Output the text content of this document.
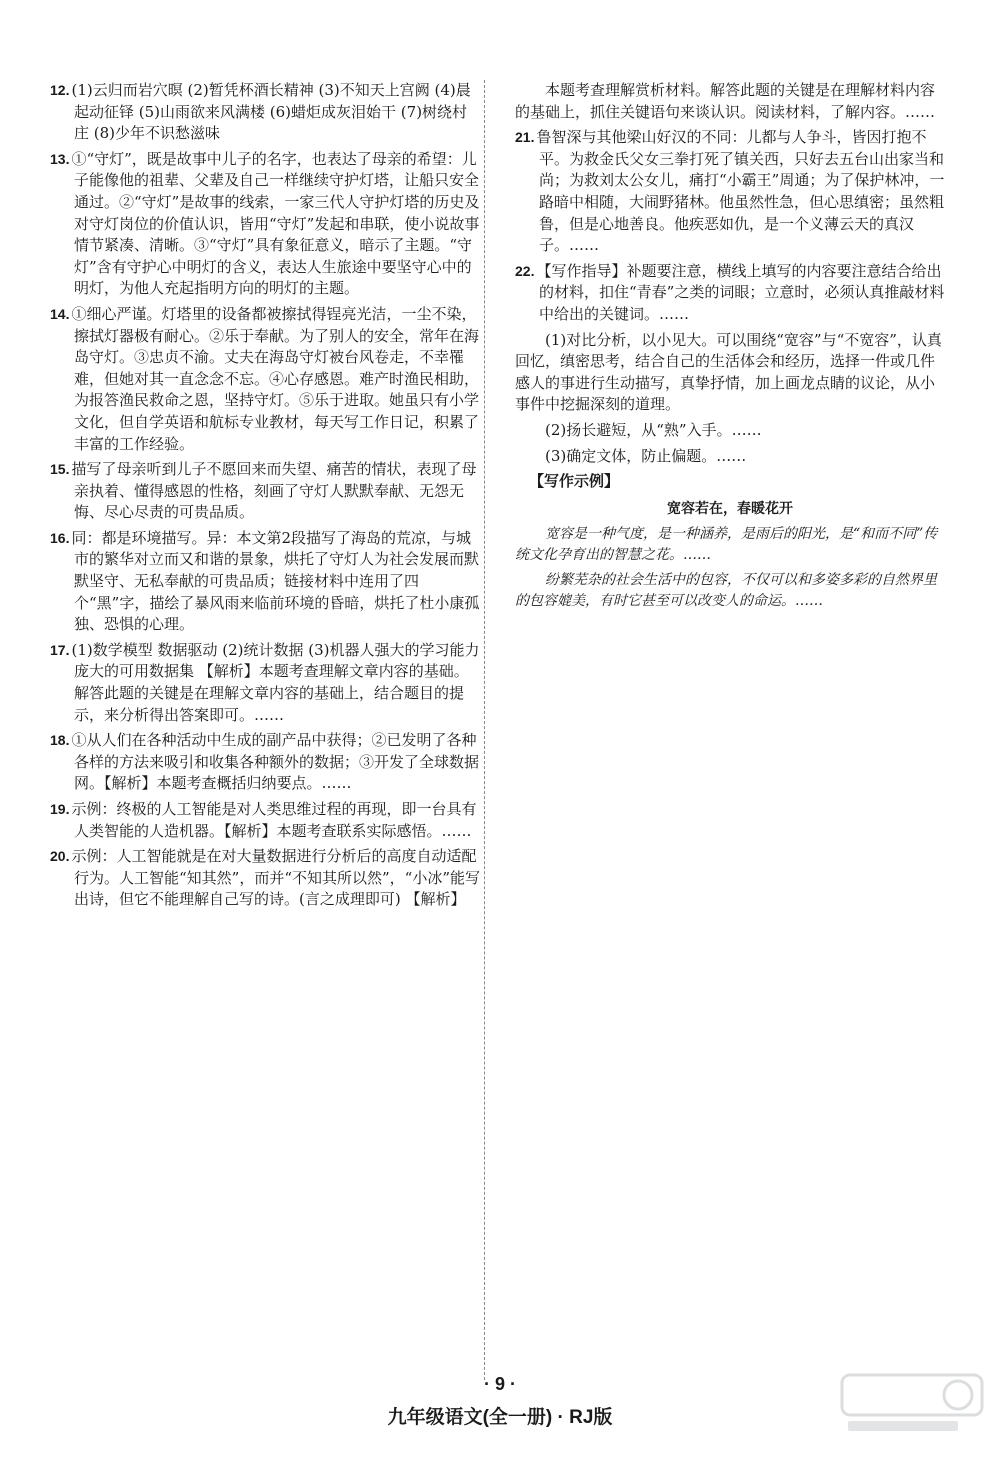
12. (1)云归而岩穴暝 (2)暂凭杯酒长精神 (3)不知天上宫阙 (4)晨起动征铎 (5)山雨欲来风满楼 (6)蜡炬成灰泪始干 (7)树绕村庄 (8)少年不识愁滋味

13. ①“守灯”，既是故事中儿子的名字，也表达了母亲的希望：儿子能像他的祖辈、父辈及自己一样继续守护灯塔，让船只安全通过。②“守灯”是故事的线索，一家三代人守护灯塔的历史及对守灯岗位的价值认识，皆用“守灯”发起和串联，使小说故事情节紧凑、清晰。③“守灯”具有象征意义，暗示了主题。“守灯”含有守护心中明灯的含义，表达人生旅途中要坚守心中的明灯，为他人充起指明方向的明灯的主题。

14. ①细心严谨。灯塔里的设备都被擦拭得锃亮光洁，一尘不染，擦拭灯器极有耐心。②乐于奉献。为了别人的安全，常年在海岛守灯。③忠贞不渝。丈夫在海岛守灯被台风卷走，不幸罹难，但她对其一直念念不忘。④心存感恩。难产时渔民相助，为报答渔民救命之恩，坚持守灯。⑤乐于进取。她虽只有小学文化，但自学英语和航标专业教材，每天写工作日记，积累了丰富的工作经验。

15. 描写了母亲听到儿子不愿回来而失望、痛苦的情状，表现了母亲执着、懂得感恩的性格，刻画了守灯人默默奉献、无怨无悔、尽心尽责的可贵品质。

16. 同：都是环境描写。异：本文第2段描写了海岛的荒凉，与城市的繁华对立而又和谐的景象，烘托了守灯人为社会发展而默默坚守、无私奉献的可贵品质；链接材料中连用了四个“黑”字，描绘了暴风雨来临前环境的昏暗，烘托了杜小康孤独、恐惧的心理。

17. (1)数学模型 数据驱动 (2)统计数据 (3)机器人强大的学习能力 庞大的可用数据集 【解析】本题考查理解文章内容的基础。解答此题的关键是在理解文章内容的基础上，结合题目的提示，来分析得出答案即可。……

18. ①从人们在各种活动中生成的副产品中获得；②已发明了各种各样的方法来吸引和收集各种额外的数据；③开发了全球数据网。【解析】本题考查概括归纳要点。……

19. 示例：终极的人工智能是对人类思维过程的再现，即一台具有人类智能的人造机器。【解析】本题考查联系实际感悟。……

20. 示例：人工智能就是在对大量数据进行分析后的高度自动适配行为。人工智能“知其然”，而并“不知其所以然”，“小冰”能写出诗，但它不能理解自己写的诗。(言之成理即可) 【解析】

本题考查理解赏析材料。解答此题的关键是在理解材料内容的基础上，抓住关键语句来谈认识。阅读材料，了解内容。……

21. 鲁智深与其他梁山好汉的不同：儿都与人争斗，皆因打抱不平。为救金氏父女三拳打死了镇关西，只好去五台山出家当和尚；为救刘太公女儿，痛打“小霸王”周通；为了保护林冲，一路暗中相随，大闹野猪林。他虽然性急，但心思缜密；虽然粗鲁，但是心地善良。他疾恶如仇，是一个义薄云天的真汉子。……

22. 【写作指导】补题要注意，横线上填写的内容要注意结合给出的材料，扣住“青春”之类的词眼；立意时，必须认真推敲材料中给出的关键词。……

(1)对比分析，以小见大。可以围绕“宽容”与“不宽容”，认真回忆，缜密思考，结合自己的生活体会和经历，选择一件或几件感人的事进行生动描写，真挚抒情，加上画龙点睛的议论，从小事件中挖掘深刻的道理。

(2)扬长避短，从“熟”入手。……

(3)确定文体，防止偏题。……

【写作示例】

宽容若在，春暖花开

宽容是一种气度，是一种涵养，是雨后的阳光，是“和而不同”传统文化孕育出的智慧之花。……

纷繁芜杂的社会生活中的包容，不仅可以和多姿多彩的自然界里的包容媲美，有时它甚至可以改变人的命运。……

· 9 ·
九年级语文(全一册) · RJ版
